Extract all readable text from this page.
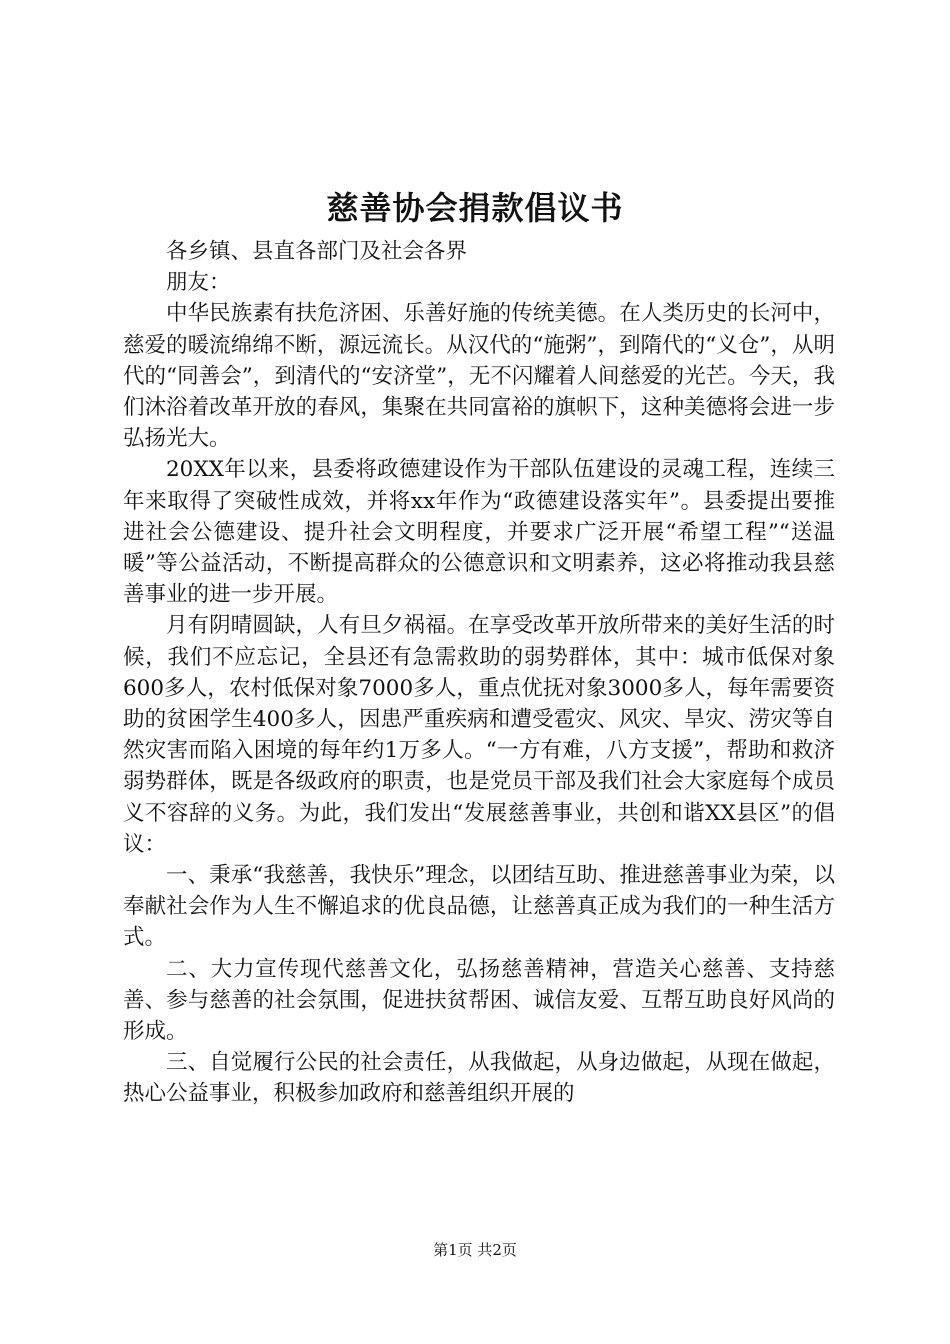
慈善协会捐款倡议书

各乡镇、县直各部门及社会各界

朋友：

中华民族素有扶危济困、乐善好施的传统美德。在人类历史的长河中，慈爱的暖流绵绵不断，源远流长。从汉代的“施粥”，到隋代的“义仓”，从明代的“同善会”，到清代的“安济堂”，无不闪耀着人间慈爱的光芒。今天，我们沐浴着改革开放的春风，集聚在共同富裕的旗帜下，这种美德将会进一步弘扬光大。

20XX年以来，县委将政德建设作为干部队伍建设的灵魂工程，连续三年来取得了突破性成效，并将xx年作为“政德建设落实年”。县委提出要推进社会公德建设、提升社会文明程度，并要求广泛开展“希望工程”“送温暖”等公益活动，不断提高群众的公德意识和文明素养，这必将推动我县慈善事业的进一步开展。

月有阴晴圆缺，人有旦夕祸福。在享受改革开放所带来的美好生活的时候，我们不应忘记，全县还有急需救助的弱势群体，其中：城市低保对象600多人，农村低保对象7000多人，重点优抚对象3000多人，每年需要资助的贫困学生400多人，因患严重疾病和遭受雹灾、风灾、旱灾、涝灾等自然灾害而陷入困境的每年约1万多人。“一方有难，八方支援”，帮助和救济弱势群体，既是各级政府的职责，也是党员干部及我们社会大家庭每个成员义不容辞的义务。为此，我们发出“发展慈善事业，共创和谐XX县区”的倡议：

一、秉承“我慈善，我快乐”理念，以团结互助、推进慈善事业为荣，以奉献社会作为人生不懈追求的优良品德，让慈善真正成为我们的一种生活方式。

二、大力宣传现代慈善文化，弘扬慈善精神，营造关心慈善、支持慈善、参与慈善的社会氛围，促进扶贫帮困、诚信友爱、互帮互助良好风尚的形成。

三、自觉履行公民的社会责任，从我做起，从身边做起，从现在做起，热心公益事业，积极参加政府和慈善组织开展的

第1页 共2页
